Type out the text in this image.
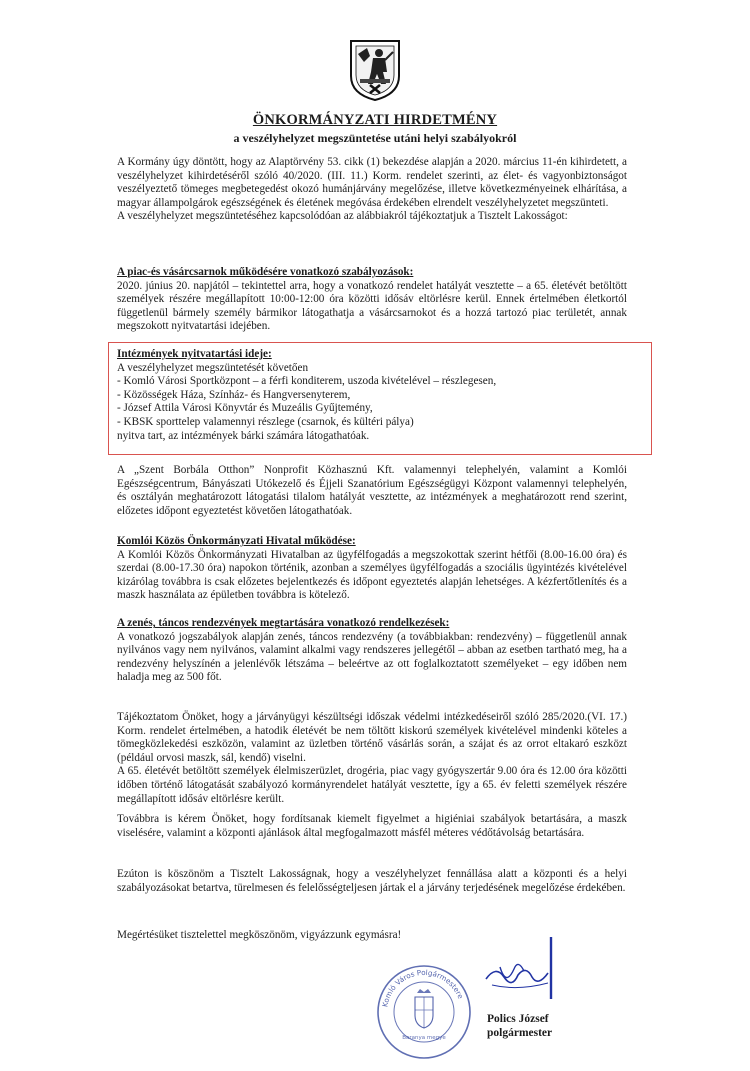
ÖNKORMÁNYZATI HIRDETMÉNY
a veszélyhelyzet megszüntetése utáni helyi szabályokról

A Kormány úgy döntött, hogy az Alaptörvény 53. cikk (1) bekezdése alapján a 2020. március 11-én kihirdetett, a veszélyhelyzet kihirdetéséről szóló 40/2020. (III. 11.) Korm. rendelet szerinti, az élet- és vagyonbiztonságot veszélyeztető tömeges megbetegedést okozó humánjárvány megelőzése, illetve következményeinek elhárítása, a magyar állampolgárok egészségének és életének megóvása érdekében elrendelt veszélyhelyzetet megszünteti.

A veszélyhelyzet megszüntetéséhez kapcsolódóan az alábbiakról tájékoztatjuk a Tisztelt Lakosságot:

A piac-és vásárcsarnok működésére vonatkozó szabályozások:

2020. június 20. napjától – tekintettel arra, hogy a vonatkozó rendelet hatályát vesztette – a 65. életévét betöltött személyek részére megállapított 10:00-12:00 óra közötti idősáv eltörlésre kerül. Ennek értelmében életkortól függetlenül bármely személy bármikor látogathatja a vásárcsarnokot és a hozzá tartozó piac területét, annak megszokott nyitvatartási idejében.

Intézmények nyitvatartási ideje:

A veszélyhelyzet megszüntetését követően

- Komló Városi Sportközpont – a férfi konditerem, uszoda kivételével – részlegesen,

- Közösségek Háza, Színház- és Hangversenyterem,

- József Attila Városi Könyvtár és Muzeális Gyűjtemény,

- KBSK sporttelep valamennyi részlege (csarnok, és kültéri pálya)

nyitva tart, az intézmények bárki számára látogathatóak.

A „Szent Borbála Otthon” Nonprofit Közhasznú Kft. valamennyi telephelyén, valamint a Komlói Egészségcentrum, Bányászati Utókezelő és Éjjeli Szanatórium Egészségügyi Központ valamennyi telephelyén, és osztályán meghatározott látogatási tilalom hatályát vesztette, az intézmények a meghatározott rend szerint, előzetes időpont egyeztetést követően látogathatóak.

Komlói Közös Önkormányzati Hivatal működése:

A Komlói Közös Önkormányzati Hivatalban az ügyfélfogadás a megszokottak szerint hétfői (8.00-16.00 óra) és szerdai (8.00-17.30 óra) napokon történik, azonban a személyes ügyfélfogadás a szociális ügyintézés kivételével kizárólag továbbra is csak előzetes bejelentkezés és időpont egyeztetés alapján lehetséges. A kézfertőtlenítés és a maszk használata az épületben továbbra is kötelező.

A zenés, táncos rendezvények megtartására vonatkozó rendelkezések:

A vonatkozó jogszabályok alapján zenés, táncos rendezvény (a továbbiakban: rendezvény) – függetlenül annak nyilvános vagy nem nyilvános, valamint alkalmi vagy rendszeres jellegétől – abban az esetben tartható meg, ha a rendezvény helyszínén a jelenlévők létszáma – beleértve az ott foglalkoztatott személyeket – egy időben nem haladja meg az 500 főt.

Tájékoztatom Önöket, hogy a járványügyi készültségi időszak védelmi intézkedéseiről szóló 285/2020.(VI. 17.) Korm. rendelet értelmében, a hatodik életévét be nem töltött kiskorú személyek kivételével mindenki köteles a tömegközlekedési eszközön, valamint az üzletben történő vásárlás során, a szájat és az orrot eltakaró eszközt (például orvosi maszk, sál, kendő) viselni.

A 65. életévét betöltött személyek élelmiszerüzlet, drogéria, piac vagy gyógyszertár 9.00 óra és 12.00 óra közötti időben történő látogatását szabályozó kormányrendelet hatályát vesztette, így a 65. év feletti személyek részére megállapított idősáv eltörlésre került.

Továbbra is kérem Önöket, hogy fordítsanak kiemelt figyelmet a higiéniai szabályok betartására, a maszk viselésére, valamint a központi ajánlások által megfogalmazott másfél méteres védőtávolság betartására.

Ezúton is köszönöm a Tisztelt Lakosságnak, hogy a veszélyhelyzet fennállása alatt a központi és a helyi szabályozásokat betartva, türelmesen és felelősségteljesen jártak el a járvány terjedésének megelőzése érdekében.

Megértésüket tisztelettel megköszönöm, vigyázzunk egymásra!

Komló Város Polgármestere
Baranya megye
Polics József
polgármester
